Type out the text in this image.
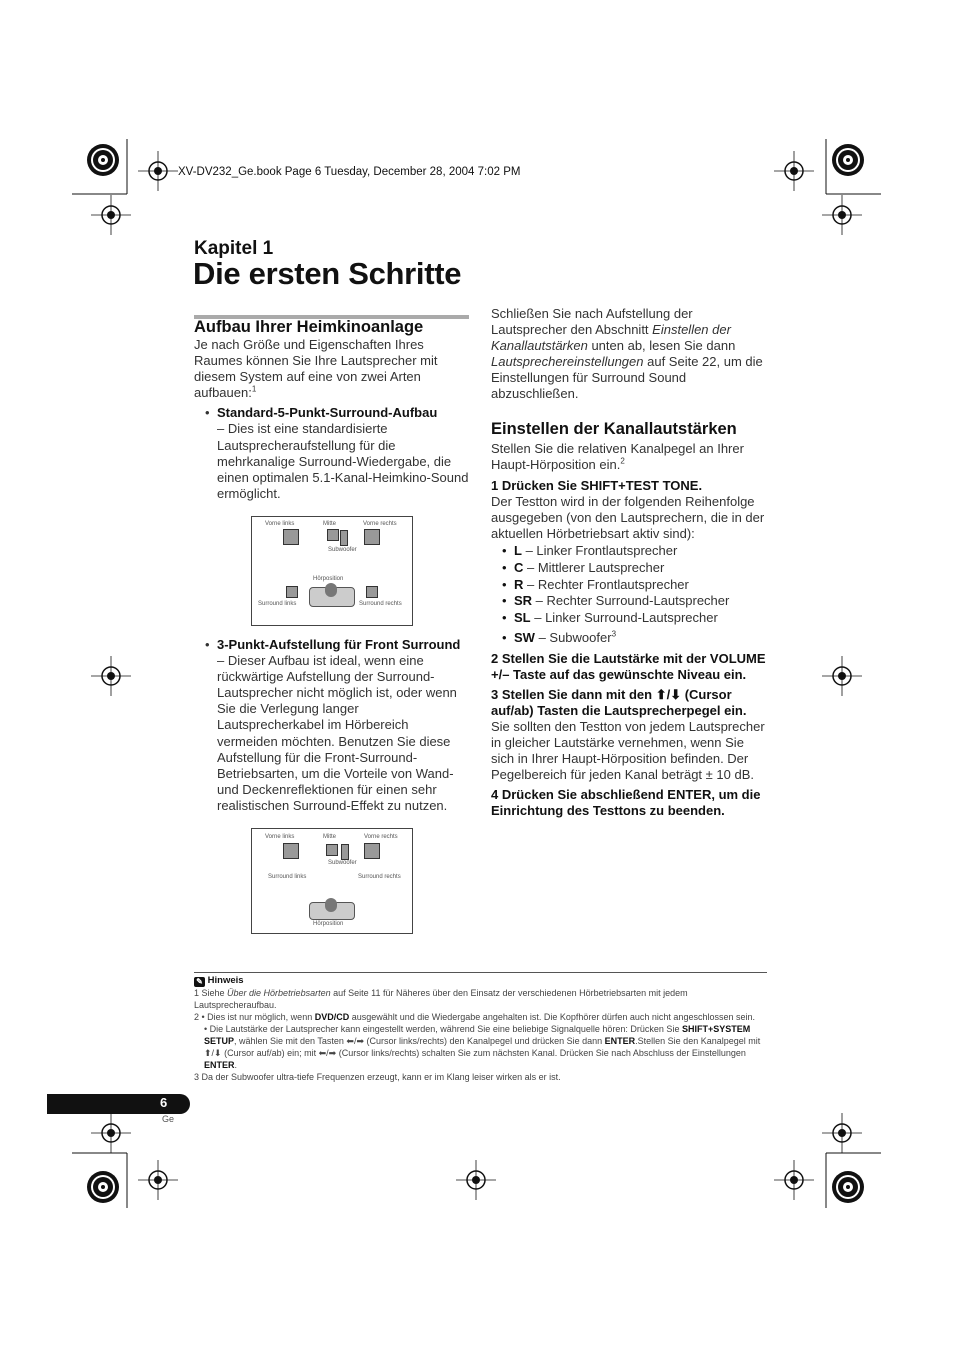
XV-DV232_Ge.book Page 6 Tuesday, December 28, 2004 7:02 PM
Kapitel 1
Die ersten Schritte
Aufbau Ihrer Heimkinoanlage
Je nach Größe und Eigenschaften Ihres Raumes können Sie Ihre Lautsprecher mit diesem System auf eine von zwei Arten aufbauen:$^1$
• Standard-5-Punkt-Surround-Aufbau
– Dies ist eine standardisierte Lautsprecheraufstellung für die mehrkanalige Surround-Wiedergabe, die einen optimalen 5.1-Kanal-Heimkino-Sound ermöglicht.
Vorne links	Mitte	Vorne rechts
Subwoofer
Hörposition
Surround links	Surround rechts
• 3-Punkt-Aufstellung für Front Surround
– Dieser Aufbau ist ideal, wenn eine rückwärtige Aufstellung der Surround-Lautsprecher nicht möglich ist, oder wenn Sie die Verlegung langer Lautsprecherkabel im Hörbereich vermeiden möchten. Benutzen Sie diese Aufstellung für die Front-Surround-Betriebsarten, um die Vorteile von Wand- und Deckenreflektionen für einen sehr realistischen Surround-Effekt zu nutzen.
Vorne links	Mitte	Vorne rechts
Subwoofer
Surround links	Surround rechts
Hörposition
Schließen Sie nach Aufstellung der Lautsprecher den Abschnitt Einstellen der Kanallautstärken unten ab, lesen Sie dann Lautsprechereinstellungen auf Seite 22, um die Einstellungen für Surround Sound abzuschließen.
Einstellen der Kanallautstärken
Stellen Sie die relativen Kanalpegel an Ihrer Haupt-Hörposition ein.$^2$
1 Drücken Sie SHIFT+TEST TONE.
Der Testton wird in der folgenden Reihenfolge ausgegeben (von den Lautsprechern, die in der aktuellen Hörbetriebsart aktiv sind):
• L – Linker Frontlautsprecher
• C – Mittlerer Lautsprecher
• R – Rechter Frontlautsprecher
• SR – Rechter Surround-Lautsprecher
• SL – Linker Surround-Lautsprecher
• SW – Subwoofer$^3$
2 Stellen Sie die Lautstärke mit der VOLUME +/– Taste auf das gewünschte Niveau ein.
3 Stellen Sie dann mit den ⬆/⬇ (Cursor auf/ab) Tasten die Lautsprecherpegel ein.
Sie sollten den Testton von jedem Lautsprecher in gleicher Lautstärke vernehmen, wenn Sie sich in Ihrer Haupt-Hörposition befinden. Der Pegelbereich für jeden Kanal beträgt ± 10 dB.
4 Drücken Sie abschließend ENTER, um die Einrichtung des Testtons zu beenden.
✎ Hinweis
1 Siehe Über die Hörbetriebsarten auf Seite 11 für Näheres über den Einsatz der verschiedenen Hörbetriebsarten mit jedem Lautsprecheraufbau.
2 • Dies ist nur möglich, wenn DVD/CD ausgewählt und die Wiedergabe angehalten ist. Die Kopfhörer dürfen auch nicht angeschlossen sein.
• Die Lautstärke der Lautsprecher kann eingestellt werden, während Sie eine beliebige Signalquelle hören: Drücken Sie SHIFT+SYSTEM SETUP, wählen Sie mit den Tasten ⬅/➡ (Cursor links/rechts) den Kanalpegel und drücken Sie dann ENTER.Stellen Sie den Kanalpegel mit ⬆/⬇ (Cursor auf/ab) ein; mit ⬅/➡ (Cursor links/rechts) schalten Sie zum nächsten Kanal. Drücken Sie nach Abschluss der Einstellungen ENTER.
3 Da der Subwoofer ultra-tiefe Frequenzen erzeugt, kann er im Klang leiser wirken als er ist.
6
Ge
